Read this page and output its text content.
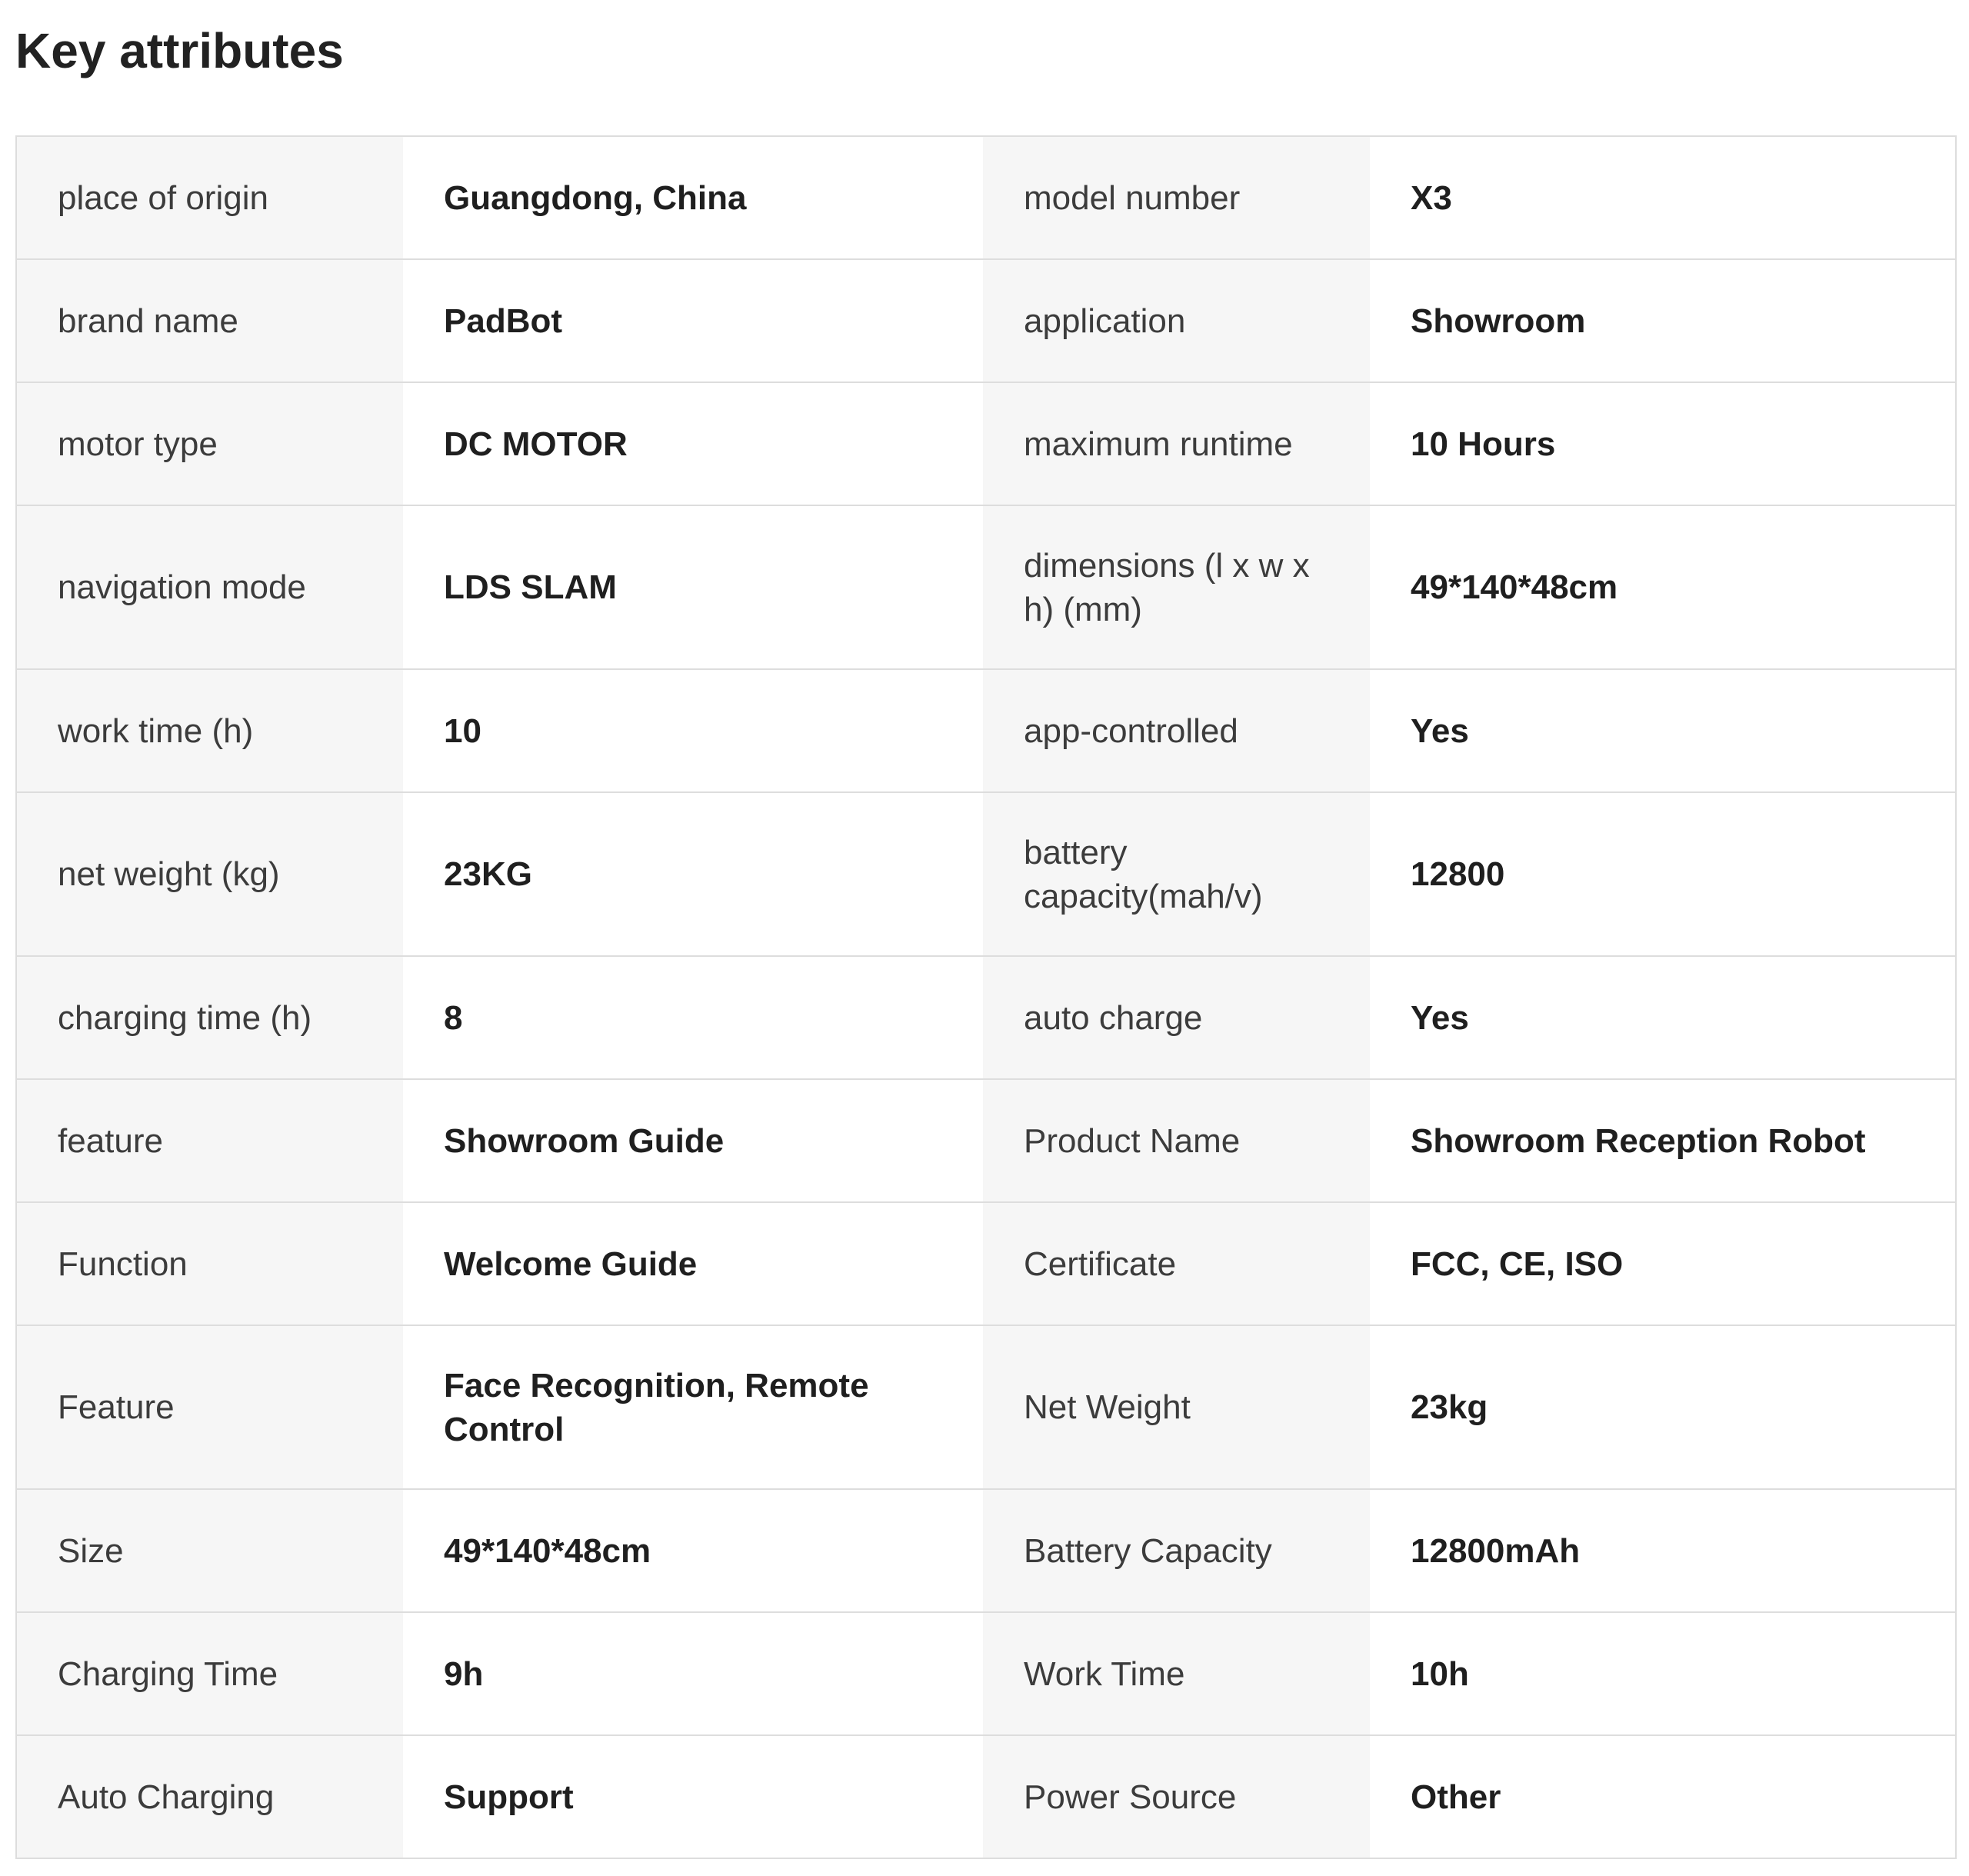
Key attributes
place of origin	Guangdong, China	model number	X3
brand name	PadBot	application	Showroom
motor type	DC MOTOR	maximum runtime	10 Hours
navigation mode	LDS SLAM	dimensions (l x w x h) (mm)	49*140*48cm
work time (h)	10	app-controlled	Yes
net weight (kg)	23KG	battery capacity(mah/v)	12800
charging time (h)	8	auto charge	Yes
feature	Showroom Guide	Product Name	Showroom Reception Robot
Function	Welcome Guide	Certificate	FCC, CE, ISO
Feature	Face Recognition, Remote Control	Net Weight	23kg
Size	49*140*48cm	Battery Capacity	12800mAh
Charging Time	9h	Work Time	10h
Auto Charging	Support	Power Source	Other
